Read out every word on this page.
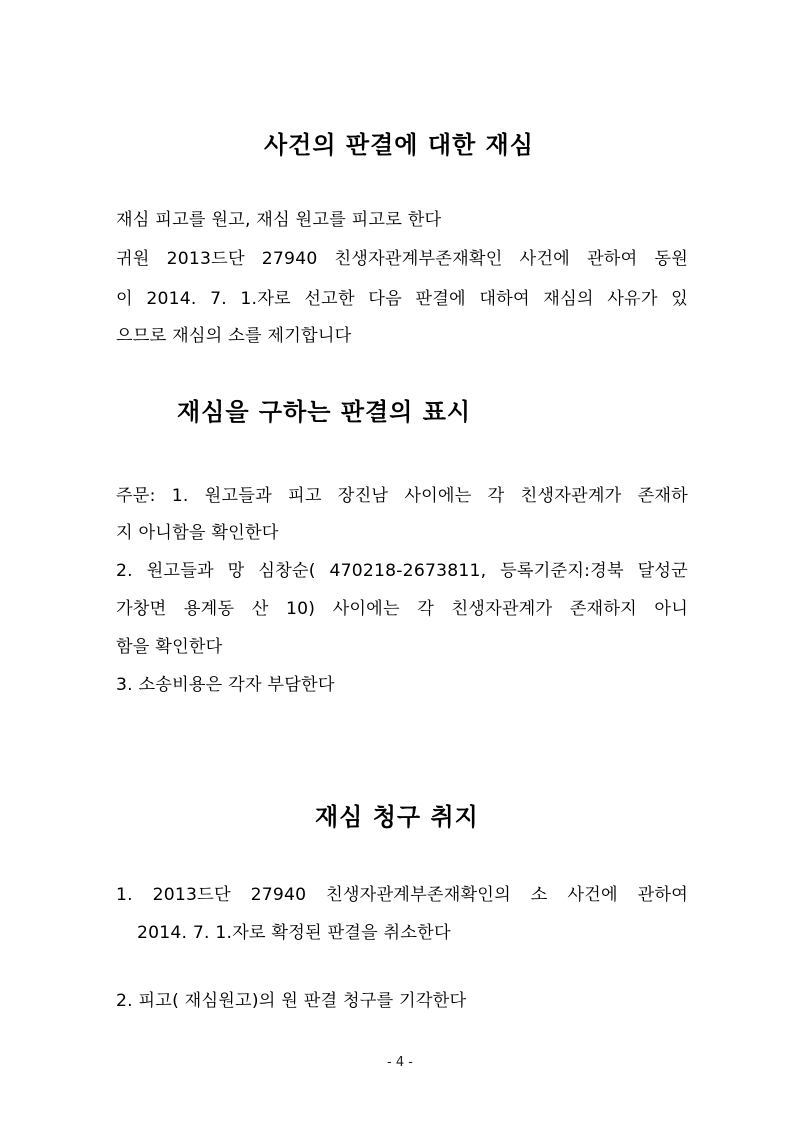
사건의 판결에 대한 재심
재심 피고를 원고, 재심 원고를 피고로 한다
귀원 2013드단 27940 친생자관계부존재확인 사건에 관하여 동원
이 2014. 7. 1.자로 선고한 다음 판결에 대하여 재심의 사유가 있
으므로 재심의 소를 제기합니다
재심을 구하는 판결의 표시
주문: 1. 원고들과 피고 장진남 사이에는 각 친생자관계가 존재하
지 아니함을 확인한다
2. 원고들과 망 심창순( 470218-2673811, 등록기준지:경북 달성군
가창면 용계동 산 10) 사이에는 각 친생자관계가 존재하지 아니
함을 확인한다
3. 소송비용은 각자 부담한다
재심 청구 취지
1. 2013드단 27940 친생자관계부존재확인의 소 사건에 관하여
2014. 7. 1.자로 확정된 판결을 취소한다
2. 피고( 재심원고)의 원 판결 청구를 기각한다
- 4 -
